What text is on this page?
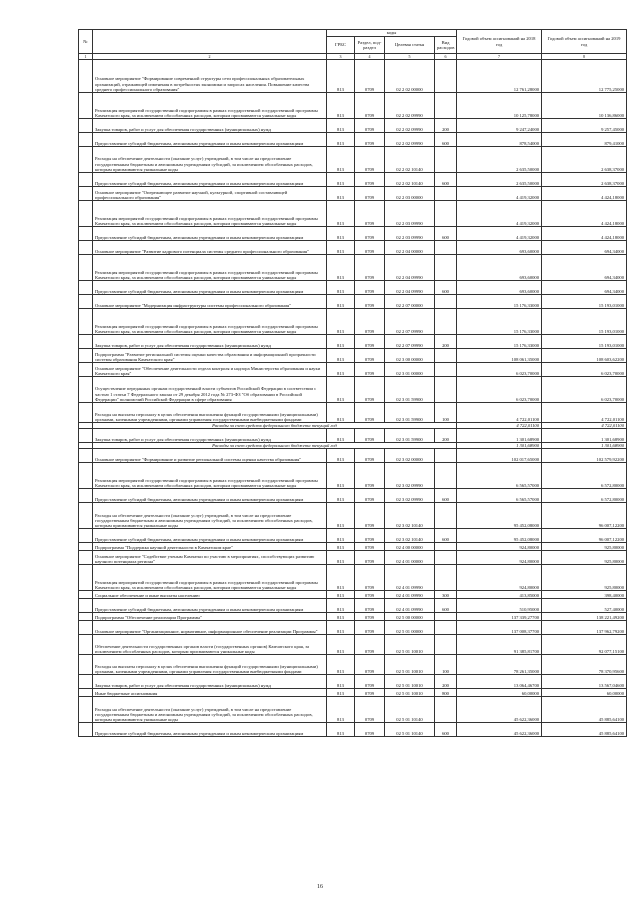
№		коды				Годовой объем ассигнований на 2018 год	Годовой объем ассигнований на 2019 год
		ГРБС	Раздел, под-раздел	Целевая статья	Вид расходов		
1	2	3	4	5	6	7	8
	Основное мероприятие "Формирование современной структуры сети профессиональных образовательных организаций, отражающей изменения в потребностях экономики и запросах населения. Повышение качества среднего профессионального образования"	813	0709	02 2 02 00000		12 761,28000	12 775,25000
	Реализация мероприятий государственной подпрограммы в рамках государственной государственной программы Камчатского края, за исключением обособленных расходов, которым присваиваются уникальные коды	813	0709	02 2 02 09990		10 125,78000	10 136,86000
	Закупка товаров, работ и услуг для обеспечения государственных (муниципальных) нужд	813	0709	02 2 02 09990	200	9 247,24000	9 257,45000
	Предоставление субсидий бюджетным, автономным учреждениям и иным некоммерческим организациям	813	0709	02 2 02 09990	600	878,54000	879,41000
	Расходы на обеспечение деятельности (оказание услуг) учреждений, в том числе на предоставление государственным бюджетным и автономным учреждениям субсидий, за исключением обособленных расходов, которым присваиваются уникальные коды	813	0709	02 2 02 10140		2 635,50000	2 638,37000
	Предоставление субсидий бюджетным, автономным учреждениям и иным некоммерческим организациям	813	0709	02 2 02 10140	600	2 635,50000	2 638,37000
	Основное мероприятие "Опережающее развитие научной, культурной, спортивной составляющей профессионального образования"	813	0709	02 2 03 00000		4 419,32000	4 424,18000
	Реализация мероприятий государственной подпрограммы в рамках государственной государственной программы Камчатского края, за исключением обособленных расходов, которым присваиваются уникальные коды	813	0709	02 2 03 09990		4 419,32000	4 424,18000
	Предоставление субсидий бюджетным, автономным учреждениям и иным некоммерческим организациям	813	0709	02 2 03 09990	600	4 419,32000	4 424,18000
	Основное мероприятие "Развитие кадрового потенциала системы среднего профессионального образования"	813	0709	02 2 04 00000		693,60000	694,34000
	Реализация мероприятий государственной подпрограммы в рамках государственной государственной программы Камчатского края, за исключением обособленных расходов, которым присваиваются уникальные коды	813	0709	02 2 04 09990		693,60000	694,34000
	Предоставление субсидий бюджетным, автономным учреждениям и иным некоммерческим организациям	813	0709	02 2 04 09990	600	693,60000	694,34000
	Основное мероприятие "Модернизация инфраструктуры системы профессионального образования"	813	0709	02 2 07 00000		15 176,33000	15 193,01000
	Реализация мероприятий государственной подпрограммы в рамках государственной государственной программы Камчатского края, за исключением обособленных расходов, которым присваиваются уникальные коды	813	0709	02 2 07 09990		15 176,33000	15 193,01000
	Закупка товаров, работ и услуг для обеспечения государственных (муниципальных) нужд	813	0709	02 2 07 09990	200	15 176,33000	15 193,01000
	Подпрограмма "Развитие региональной системы оценки качества образования и информационной прозрачности системы образования Камчатского края"	813	0709	02 3 00 00000		108 061,35000	108 603,62200
	Основное мероприятие "Обеспечение деятельности отдела контроля и надзора Министерства образования и науки Камчатского края"	813	0709	02 3 01 00000		6 023,70000	6 023,70000
	Осуществление переданных органам государственной власти субъектов Российской Федерации в соответствии с частью 1 статьи 7 Федерального закона от 29 декабря 2012 года № 273-ФЗ "Об образовании в Российской Федерации" полномочий Российской Федерации в сфере образования	813	0709	02 3 01 59900		6 023,70000	6 023,70000
	Расходы на выплаты персоналу в целях обеспечения выполнения функций государственными (муниципальными) органами, казенными учреждениями, органами управления государственными внебюджетными фондами	813	0709	02 3 01 59900	100	4 722,01100	4 722,01100
	Расходы за счет средств федерального бюджета текущий год					4 722,01100	4 722,01100
	Закупка товаров, работ и услуг для обеспечения государственных (муниципальных) нужд	813	0709	02 3 01 59900	200	1 301,68900	1 301,68900
	Расходы за счет средств федерального бюджета текущий год					1 301,68900	1 301,68900
	Основное мероприятие "Формирование и развитие региональной системы оценки качества образования"	813	0709	02 3 02 00000		102 017,65000	102 579,92200
	Реализация мероприятий государственной подпрограммы в рамках государственной государственной программы Камчатского края, за исключением обособленных расходов, которым присваиваются уникальные коды	813	0709	02 3 02 09990		6 565,57000	6 572,80000
	Предоставление субсидий бюджетным, автономным учреждениям и иным некоммерческим организациям	813	0709	02 3 02 09990	600	6 565,57000	6 572,80000
	Расходы на обеспечение деятельности (оказание услуг) учреждений, в том числе на предоставление государственным бюджетным и автономным учреждениям субсидий, за исключением обособленных расходов, которым присваиваются уникальные коды	813	0709	02 3 02 10140		95 452,08000	96 007,12200
	Предоставление субсидий бюджетным, автономным учреждениям и иным некоммерческим организациям	813	0709	02 3 02 10140	600	95 452,08000	96 007,12200
	Подпрограмма "Поддержка научной деятельности в Камчатском крае"	813	0709	02 4 00 00000		924,80000	925,80000
	Основное мероприятие "Содействие ученым Камчатки по участию в мероприятиях, способствующих развитию научного потенциала региона"	813	0709	02 4 01 00000		924,80000	925,80000
	Реализация мероприятий государственной подпрограммы в рамках государственной государственной программы Камчатского края, за исключением обособленных расходов, которым присваиваются уникальные коды	813	0709	02 4 01 09990		924,80000	925,80000
	Социальное обеспечение и иные выплаты населению	813	0709	02 4 01 09990	300	413,85000	398,40000
	Предоставление субсидий бюджетным, автономным учреждениям и иным некоммерческим организациям	813	0709	02 4 01 09990	600	510,95000	527,40000
	Подпрограмма "Обеспечение реализации Программы"	813	0709	02 5 00 00000		137 339,27700	138 221,49200
	Основное мероприятие "Организационное, нормативное, информационное обеспечение реализации Программы"	813	0709	02 5 01 00000		137 008,37700	137 962,79200
	Обеспечение деятельности государственных органов власти (государственных органов) Камчатского края, за исключением обособленных расходов, которым присваиваются уникальные коды	813	0709	02 5 01 10010		91 385,81700	92 077,15100
	Расходы на выплаты персоналу в целях обеспечения выполнения функций государственными (муниципальными) органами, казенными учреждениями, органами управления государственными внебюджетными фондами	813	0709	02 5 01 10010	100	78 261,35000	78 370,95600
	Закупка товаров, работ и услуг для обеспечения государственных (муниципальных) нужд	813	0709	02 5 01 10010	200	13 064,46700	13 567,04600
	Иные бюджетные ассигнования	813	0709	02 5 01 10010	800	60,00000	60,00000
	Расходы на обеспечение деятельности (оказание услуг) учреждений, в том числе на предоставление государственным бюджетным и автономным учреждениям субсидий, за исключением обособленных расходов, которым присваиваются уникальные коды	813	0709	02 5 01 10140		45 622,36000	45 885,64100
	Предоставление субсидий бюджетным, автономным учреждениям и иным некоммерческим организациям	813	0709	02 5 01 10140	600	45 622,36000	45 885,64100
16
